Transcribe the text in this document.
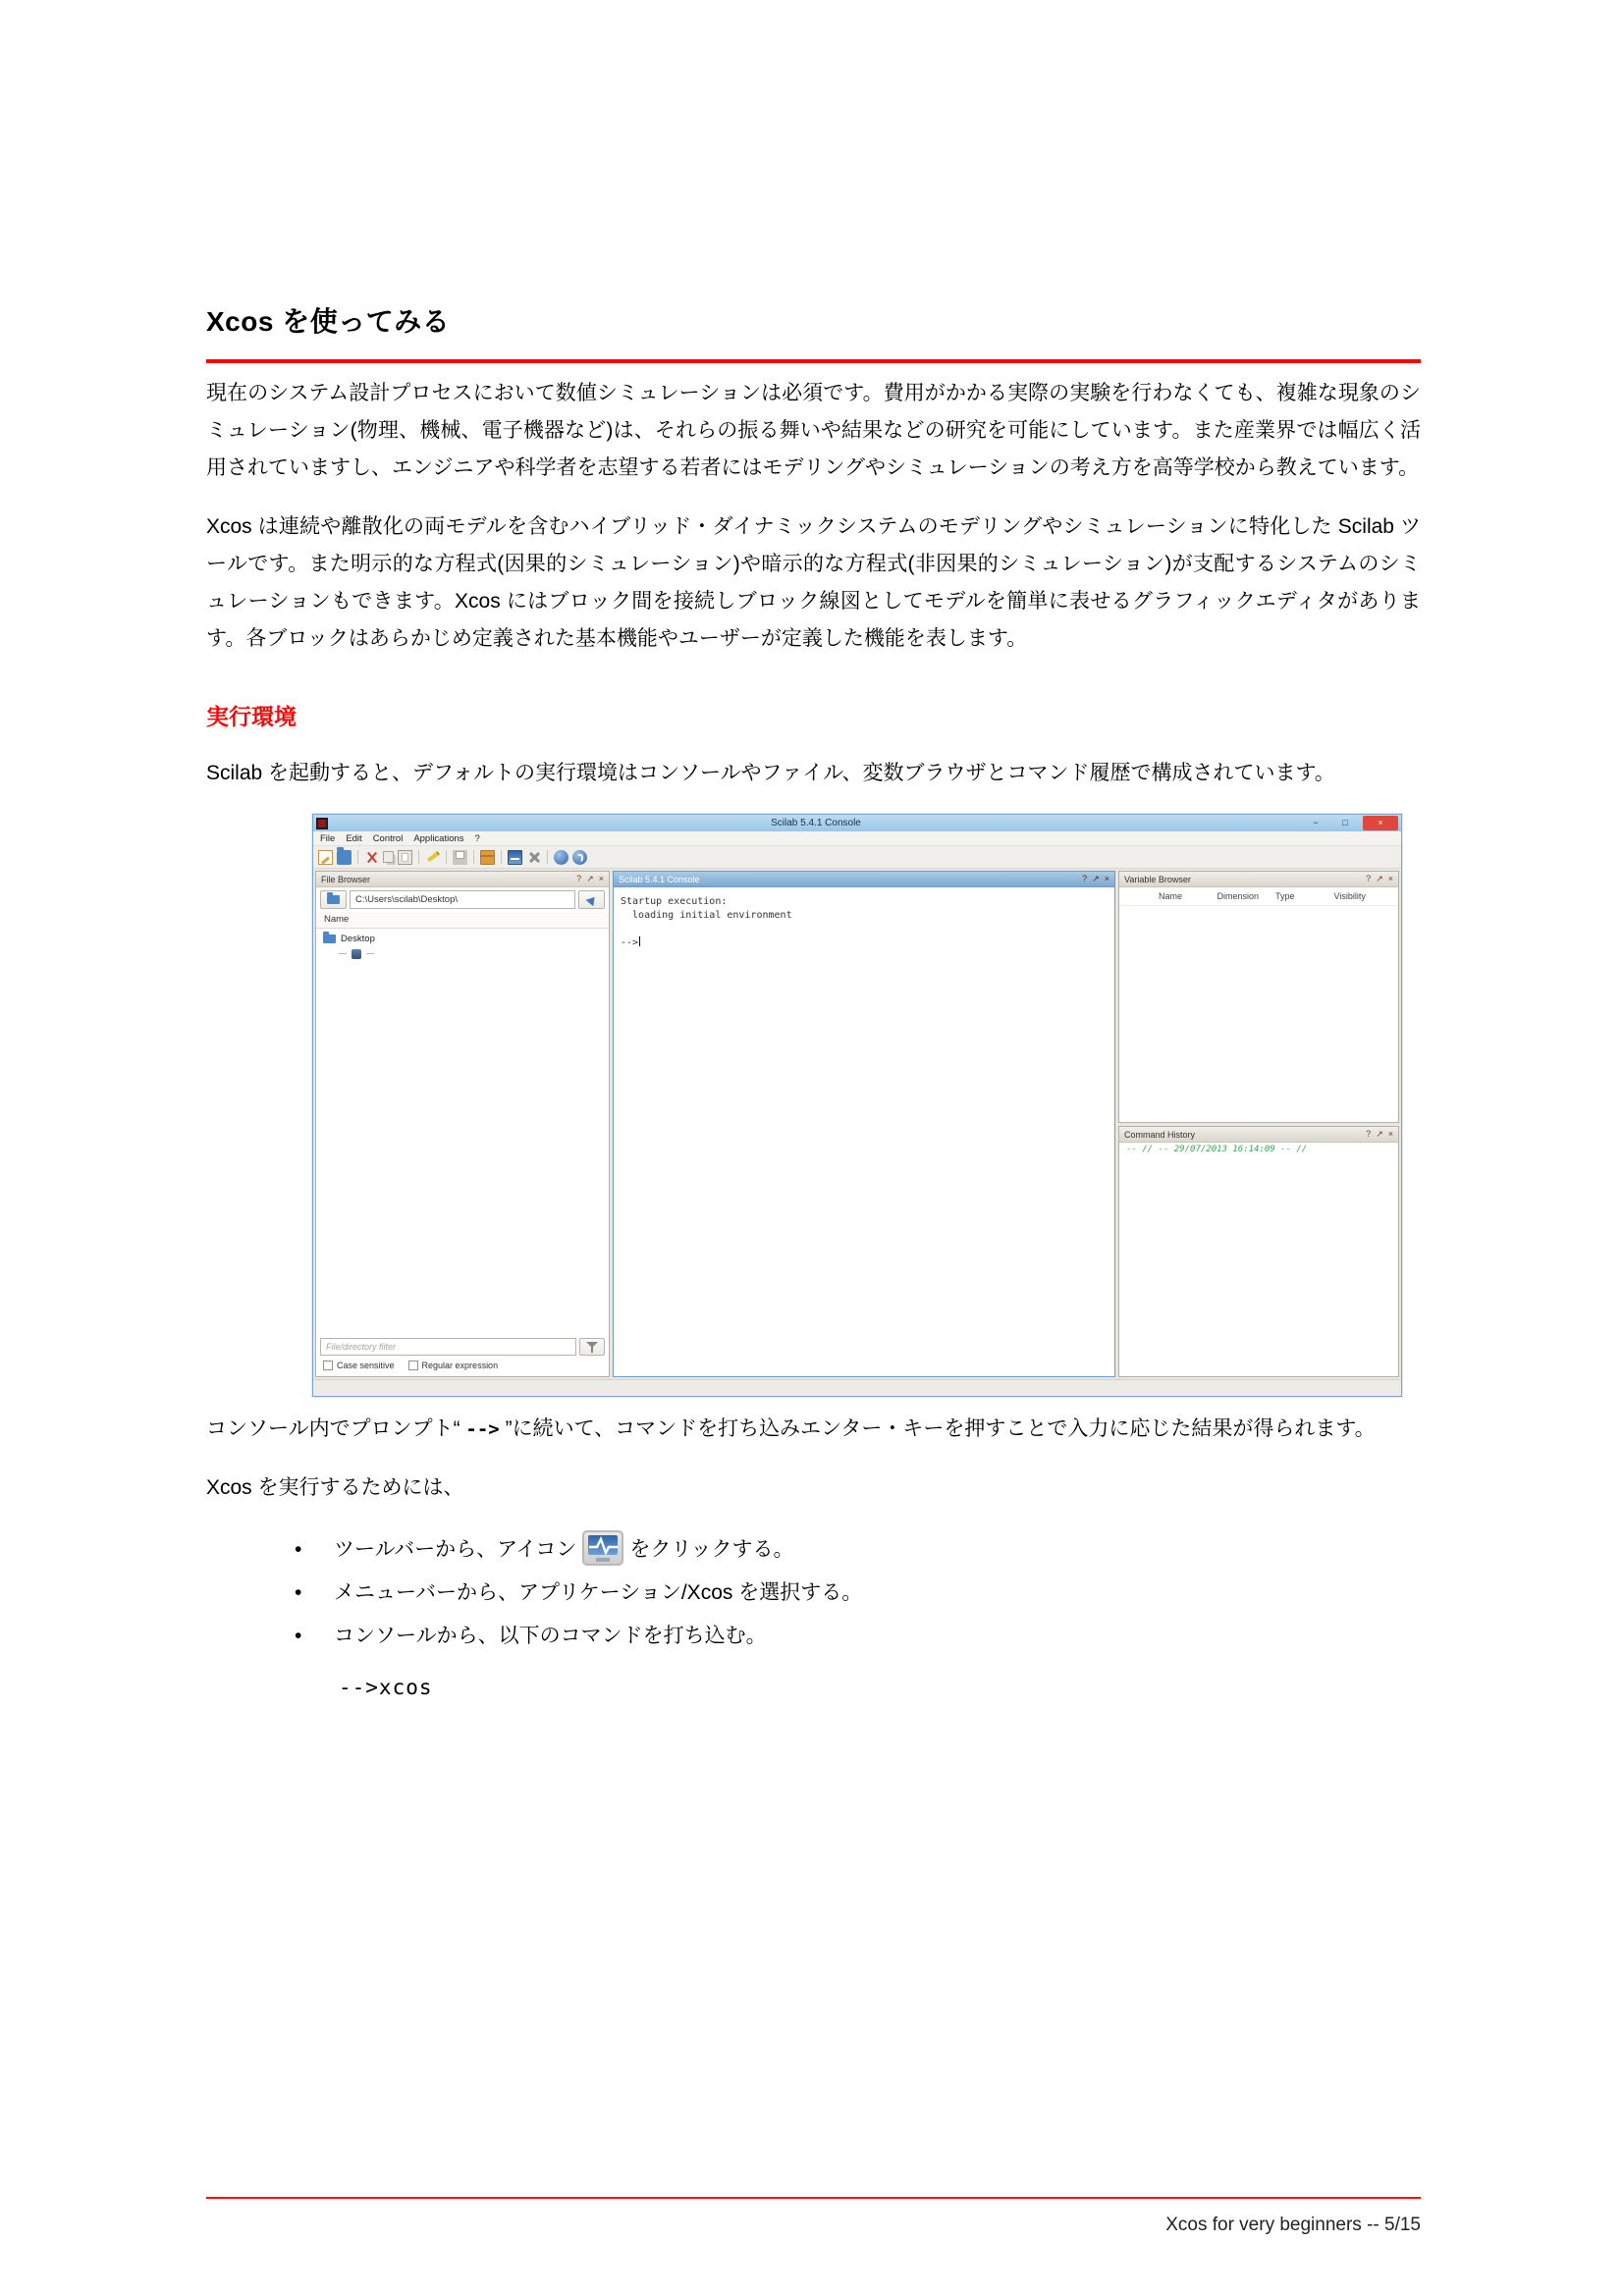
Xcos を使ってみる

現在のシステム設計プロセスにおいて数値シミュレーションは必須です。費用がかかる実際の実験を行わなくても、複雑な現象のシミュレーション(物理、機械、電子機器など)は、それらの振る舞いや結果などの研究を可能にしています。また産業界では幅広く活用されていますし、エンジニアや科学者を志望する若者にはモデリングやシミュレーションの考え方を高等学校から教えています。

Xcos は連続や離散化の両モデルを含むハイブリッド・ダイナミックシステムのモデリングやシミュレーションに特化した Scilab ツールです。また明示的な方程式(因果的シミュレーション)や暗示的な方程式(非因果的シミュレーション)が支配するシステムのシミュレーションもできます。Xcos にはブロック間を接続しブロック線図としてモデルを簡単に表せるグラフィックエディタがあります。各ブロックはあらかじめ定義された基本機能やユーザーが定義した機能を表します。

実行環境

Scilab を起動すると、デフォルトの実行環境はコンソールやファイル、変数ブラウザとコマンド履歴で構成されています。

Scilab 5.4.1 Console	−	□	×
File Edit Control Applications ?
File Browser	? ↗ ×
C:\Users\scilab\Desktop\
Name
Desktop
File/directory filter
Case sensitive	Regular expression
Scilab 5.4.1 Console	? ↗ ×
Startup execution:
loading initial environment

-->
Variable Browser	? ↗ ×
Name	Dimension	Type	Visibility
Command History	? ↗ ×
-- // -- 29/07/2013 16:14:09 -- //

コンソール内でプロンプト“ --> ”に続いて、コマンドを打ち込みエンター・キーを押すことで入力に応じた結果が得られます。

Xcos を実行するためには、

• ツールバーから、アイコン	をクリックする。
• メニューバーから、アプリケーション/Xcos を選択する。
• コンソールから、以下のコマンドを打ち込む。
-->xcos
Xcos for very beginners -- 5/15
